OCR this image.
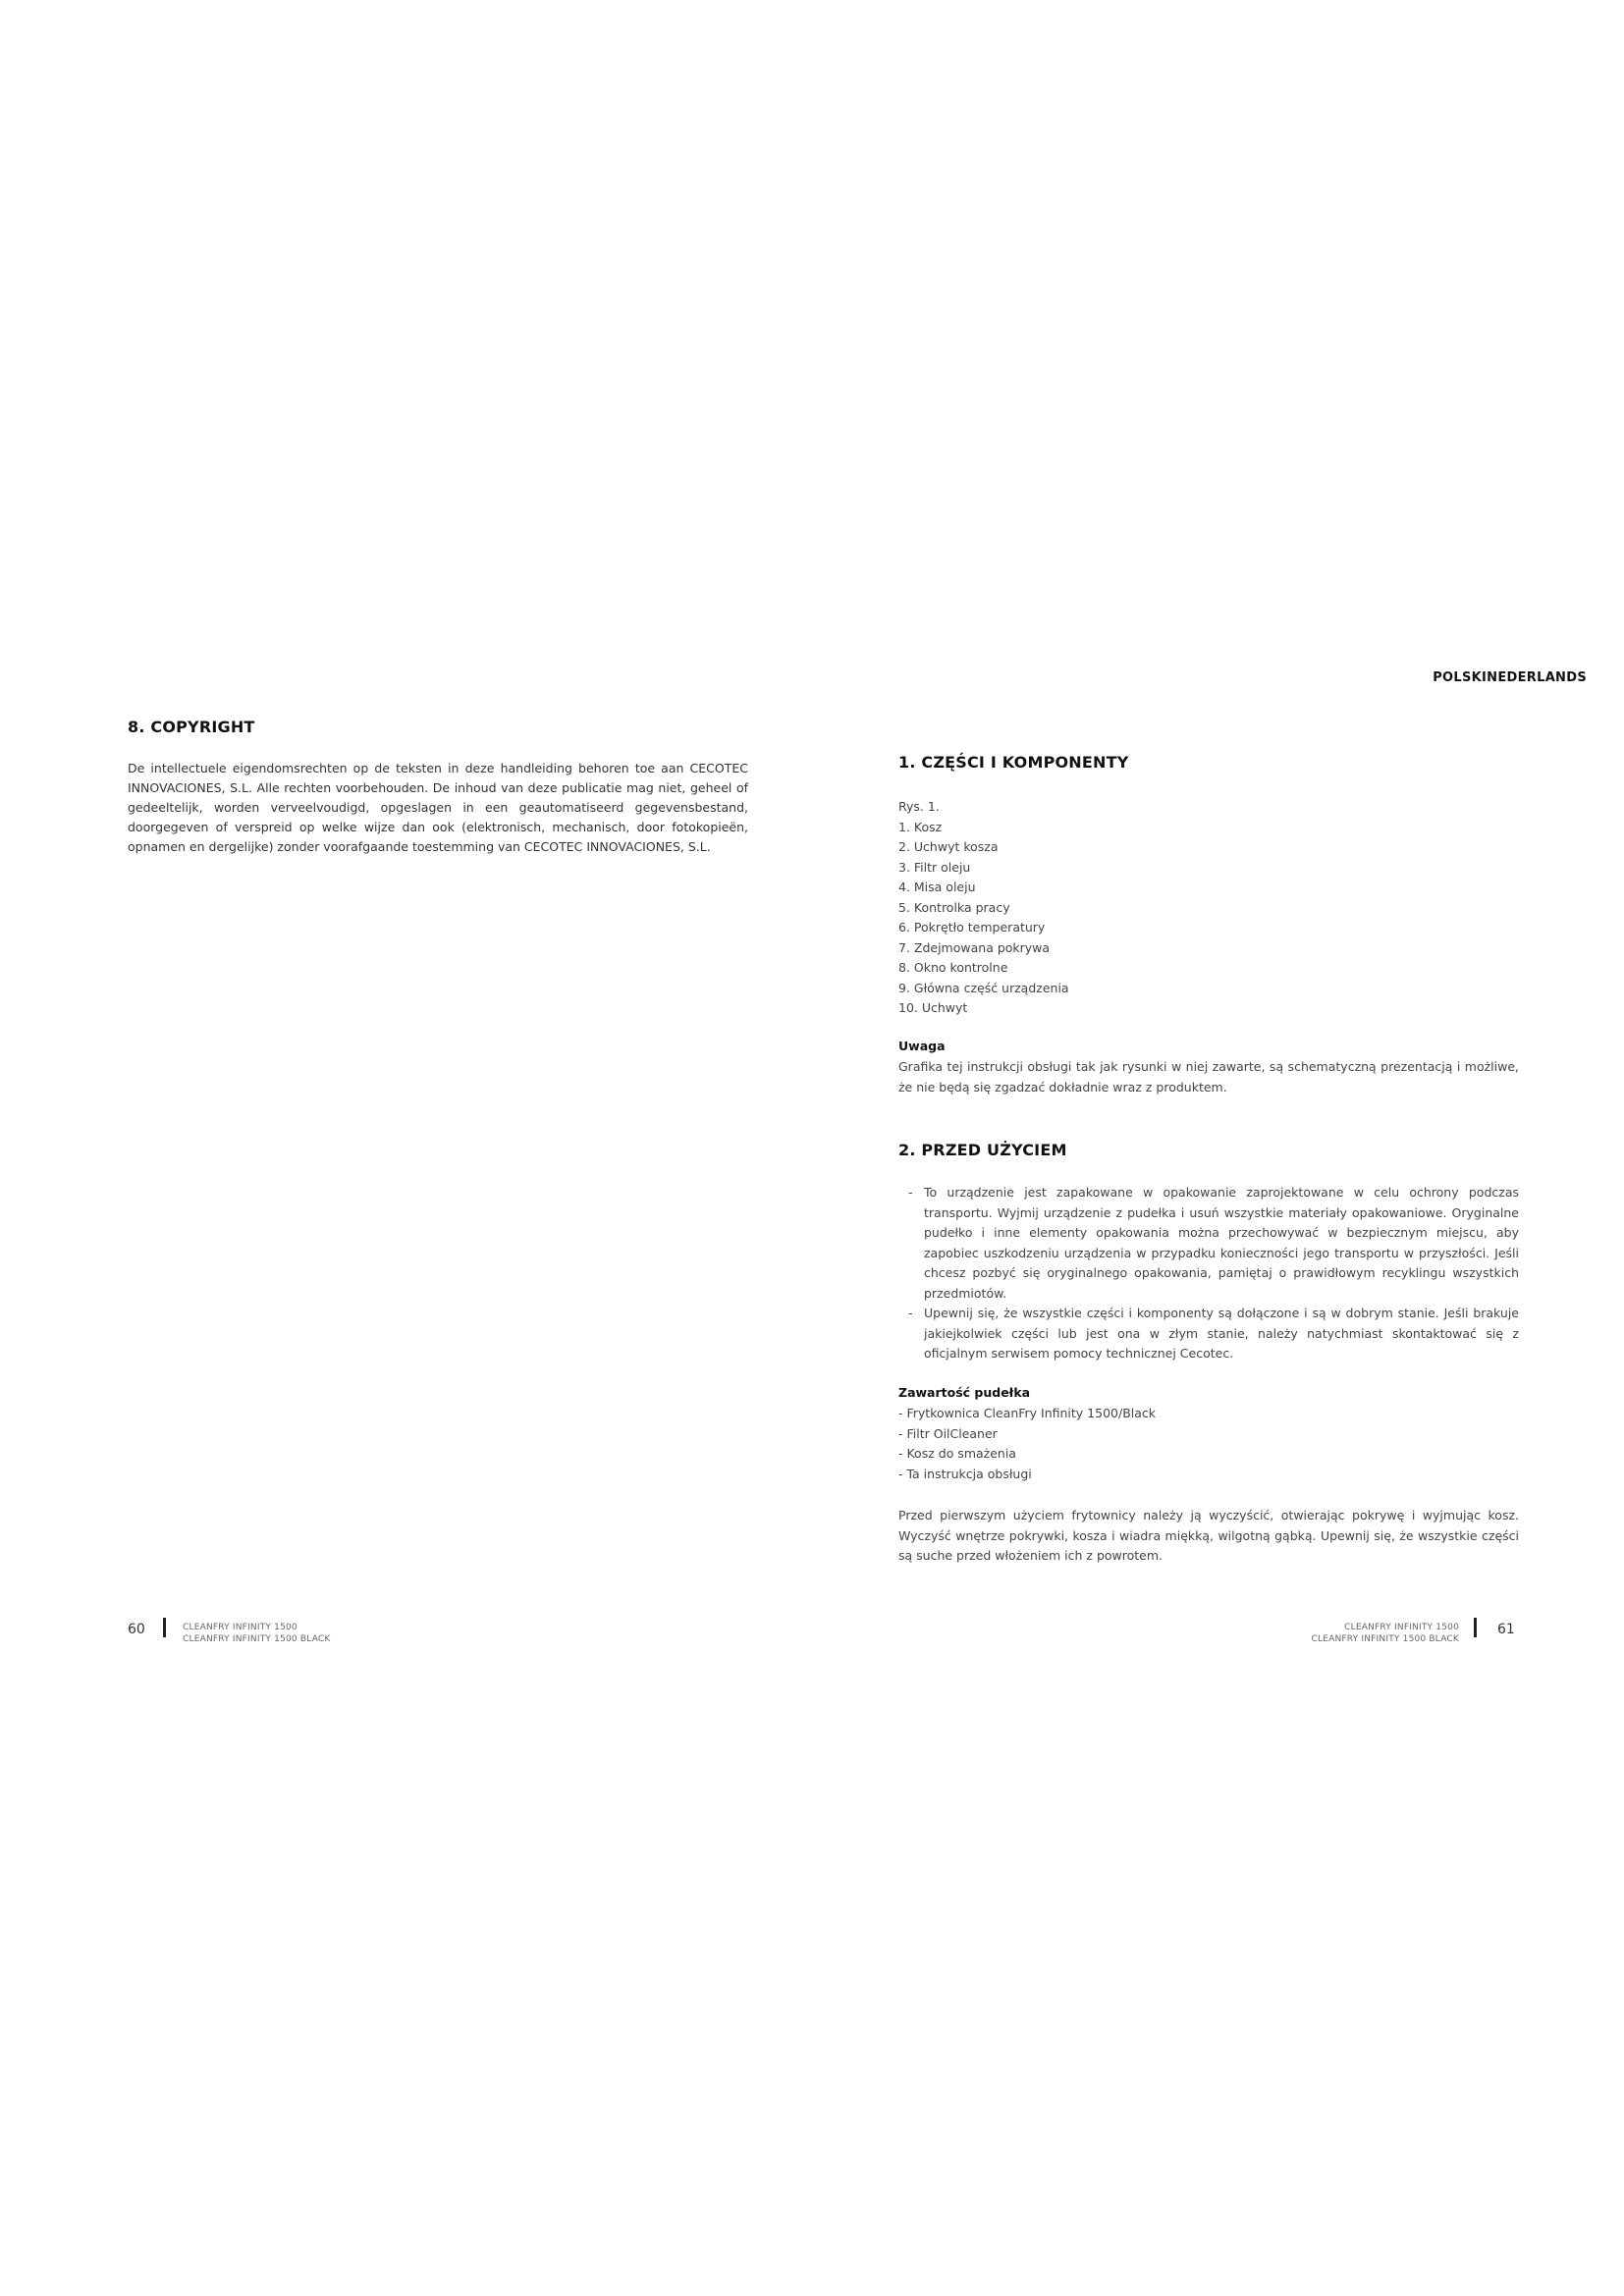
POLSKINEDERLANDS
8. COPYRIGHT
De intellectuele eigendomsrechten op de teksten in deze handleiding behoren toe aan CECOTEC INNOVACIONES, S.L. Alle rechten voorbehouden. De inhoud van deze publicatie mag niet, geheel of gedeeltelijk, worden verveelvoudigd, opgeslagen in een geautomatiseerd gegevensbestand, doorgegeven of verspreid op welke wijze dan ook (elektronisch, mechanisch, door fotokopieën, opnamen en dergelijke) zonder voorafgaande toestemming van CECOTEC INNOVACIONES, S.L.
1. CZĘŚCI I KOMPONENTY
Rys. 1.
1. Kosz
2. Uchwyt kosza
3. Filtr oleju
4. Misa oleju
5. Kontrolka pracy
6. Pokrętło temperatury
7. Zdejmowana pokrywa
8. Okno kontrolne
9. Główna część urządzenia
10. Uchwyt
Uwaga
Grafika tej instrukcji obsługi tak jak rysunki w niej zawarte, są schematyczną prezentacją i możliwe, że nie będą się zgadzać dokładnie wraz z produktem.
2. PRZED UŻYCIEM
- To urządzenie jest zapakowane w opakowanie zaprojektowane w celu ochrony podczas transportu. Wyjmij urządzenie z pudełka i usuń wszystkie materiały opakowaniowe. Oryginalne pudełko i inne elementy opakowania można przechowywać w bezpiecznym miejscu, aby zapobiec uszkodzeniu urządzenia w przypadku konieczności jego transportu w przyszłości. Jeśli chcesz pozbyć się oryginalnego opakowania, pamiętaj o prawidłowym recyklingu wszystkich przedmiotów.
- Upewnij się, że wszystkie części i komponenty są dołączone i są w dobrym stanie. Jeśli brakuje jakiejkolwiek części lub jest ona w złym stanie, należy natychmiast skontaktować się z oficjalnym serwisem pomocy technicznej Cecotec.
Zawartość pudełka
- Frytkownica CleanFry Infinity 1500/Black
- Filtr OilCleaner
- Kosz do smażenia
- Ta instrukcja obsługi
Przed pierwszym użyciem frytownicy należy ją wyczyścić, otwierając pokrywę i wyjmując kosz. Wyczyść wnętrze pokrywki, kosza i wiadra miękką, wilgotną gąbką. Upewnij się, że wszystkie części są suche przed włożeniem ich z powrotem.
60	CLEANFRY INFINITY 1500
CLEANFRY INFINITY 1500 BLACK
CLEANFRY INFINITY 1500
CLEANFRY INFINITY 1500 BLACK
61
